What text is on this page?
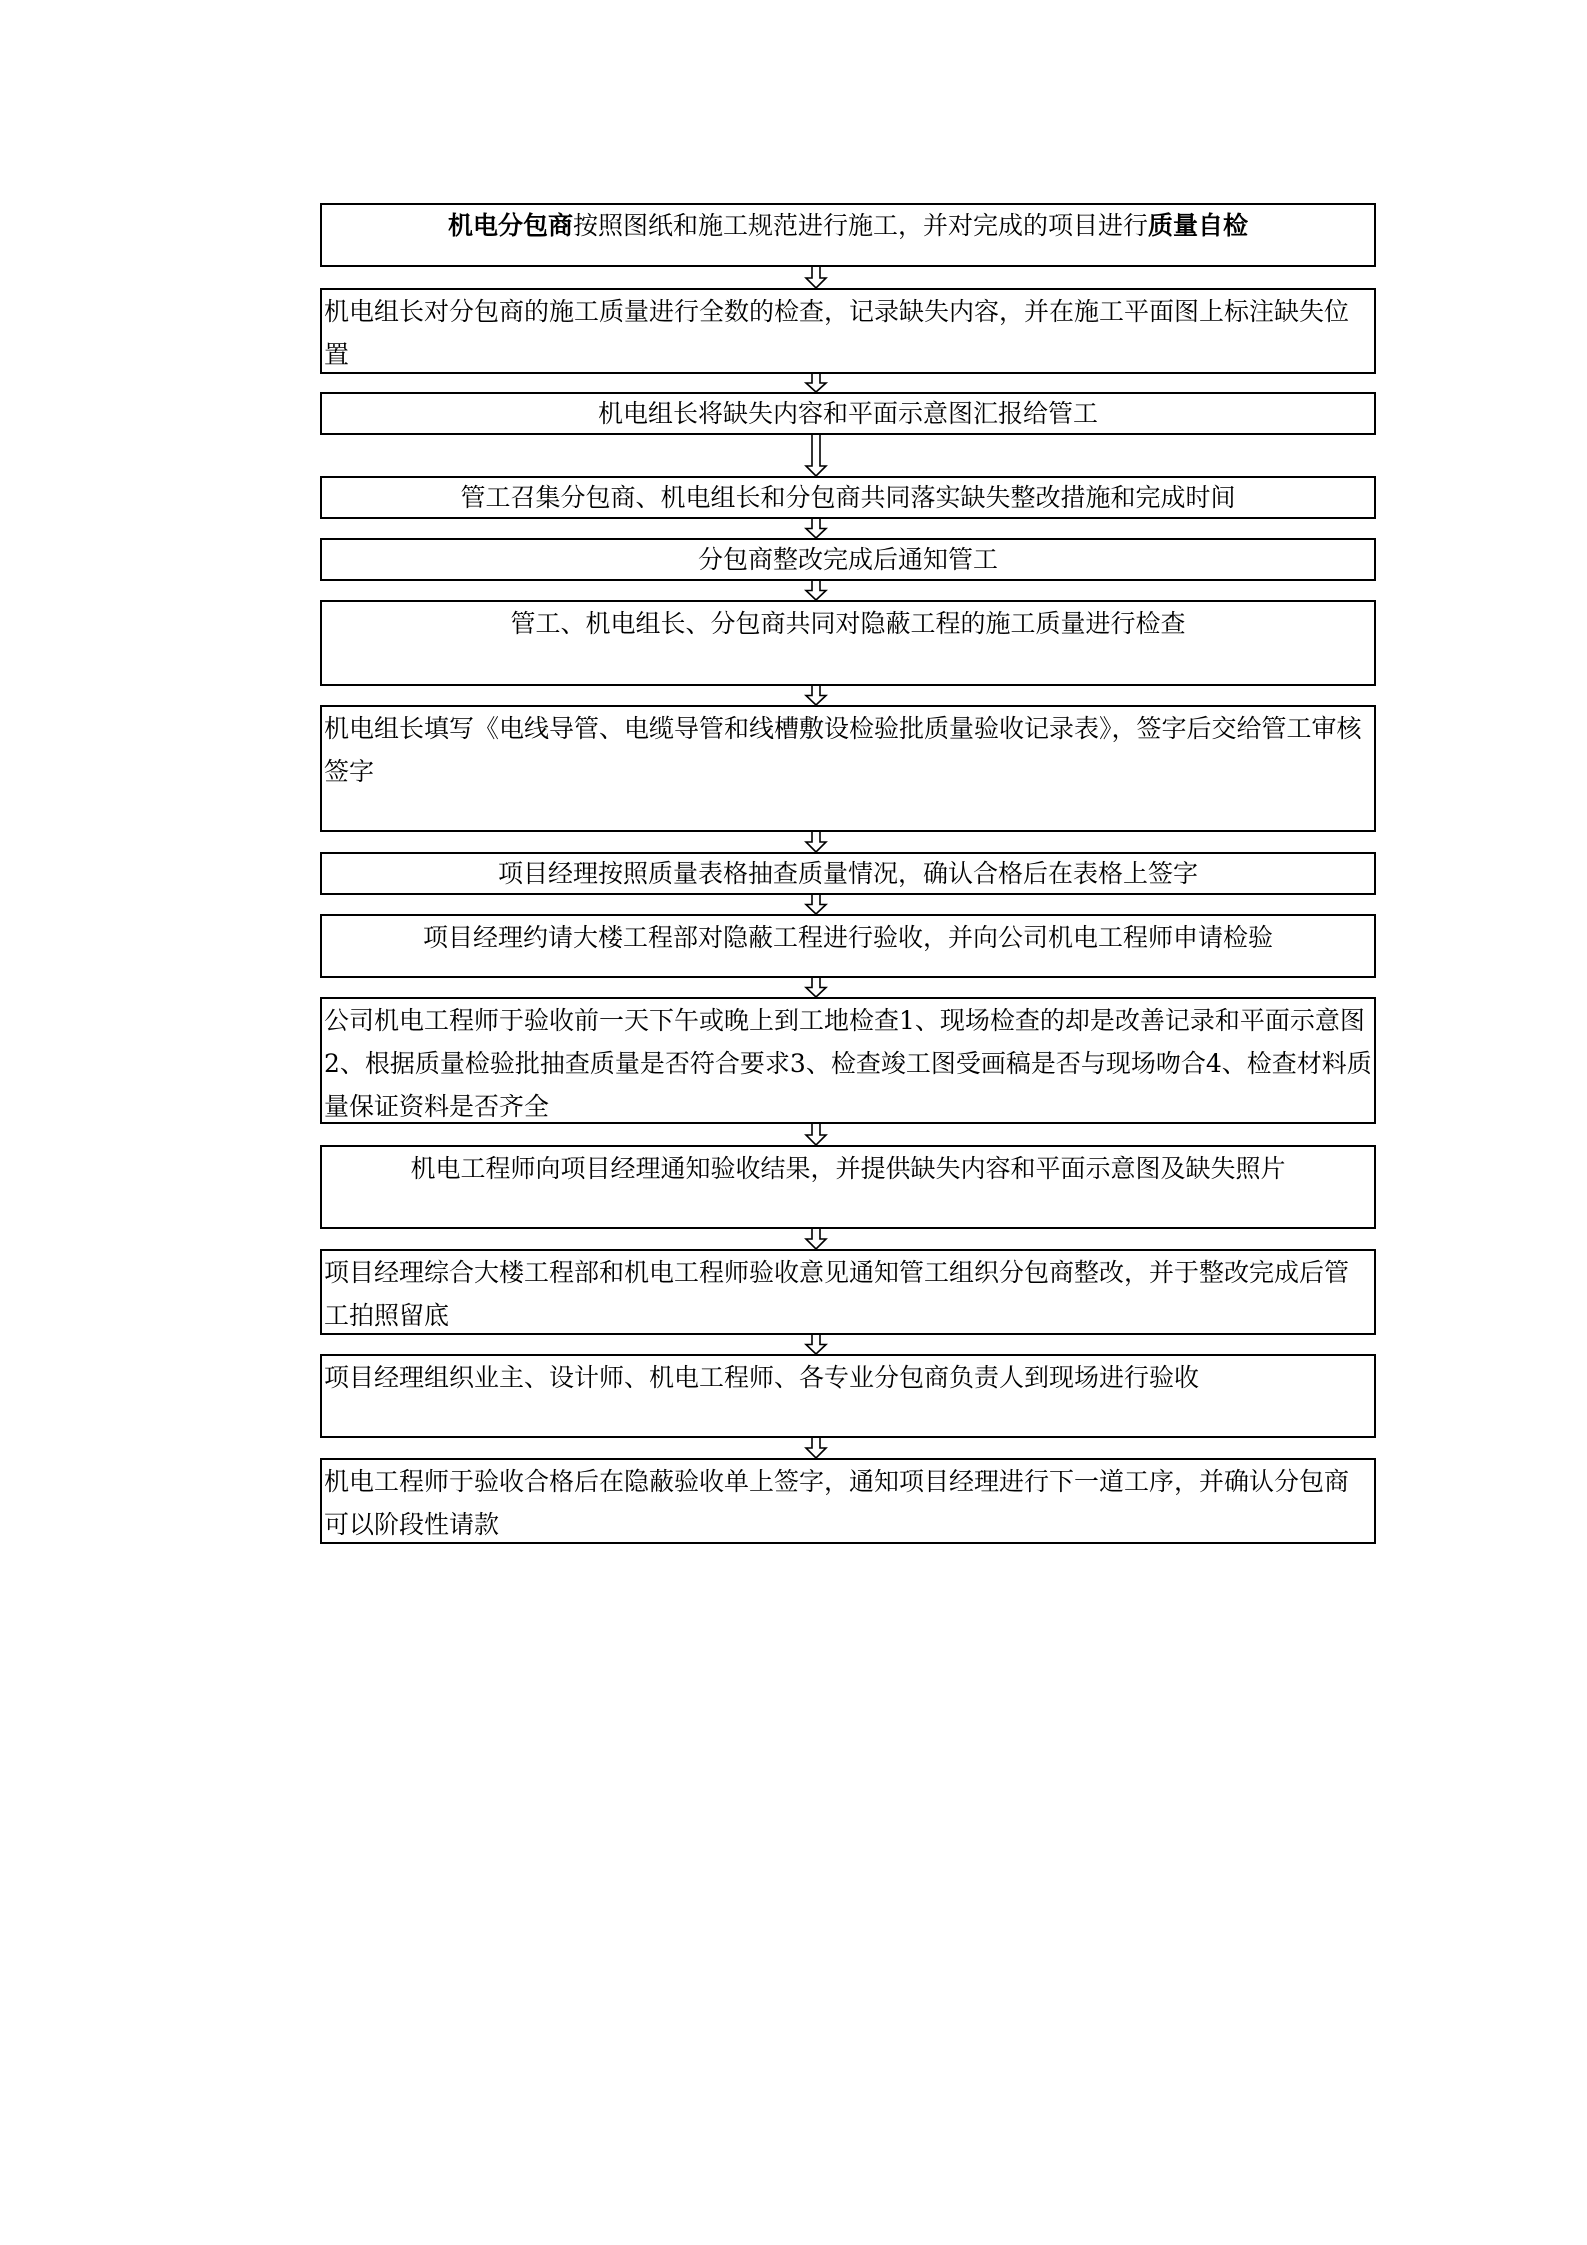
机电分包商按照图纸和施工规范进行施工，并对完成的项目进行质量自检
机电组长对分包商的施工质量进行全数的检查，记录缺失内容，并在施工平面图上标注缺失位置
机电组长将缺失内容和平面示意图汇报给管工
管工召集分包商、机电组长和分包商共同落实缺失整改措施和完成时间
分包商整改完成后通知管工
管工、机电组长、分包商共同对隐蔽工程的施工质量进行检查
机电组长填写《电线导管、电缆导管和线槽敷设检验批质量验收记录表》，签字后交给管工审核签字
项目经理按照质量表格抽查质量情况，确认合格后在表格上签字
项目经理约请大楼工程部对隐蔽工程进行验收，并向公司机电工程师申请检验
公司机电工程师于验收前一天下午或晚上到工地检查1、现场检查的却是改善记录和平面示意图2、根据质量检验批抽查质量是否符合要求3、检查竣工图受画稿是否与现场吻合4、检查材料质量保证资料是否齐全
机电工程师向项目经理通知验收结果，并提供缺失内容和平面示意图及缺失照片
项目经理综合大楼工程部和机电工程师验收意见通知管工组织分包商整改，并于整改完成后管工拍照留底
项目经理组织业主、设计师、机电工程师、各专业分包商负责人到现场进行验收
机电工程师于验收合格后在隐蔽验收单上签字，通知项目经理进行下一道工序，并确认分包商可以阶段性请款
